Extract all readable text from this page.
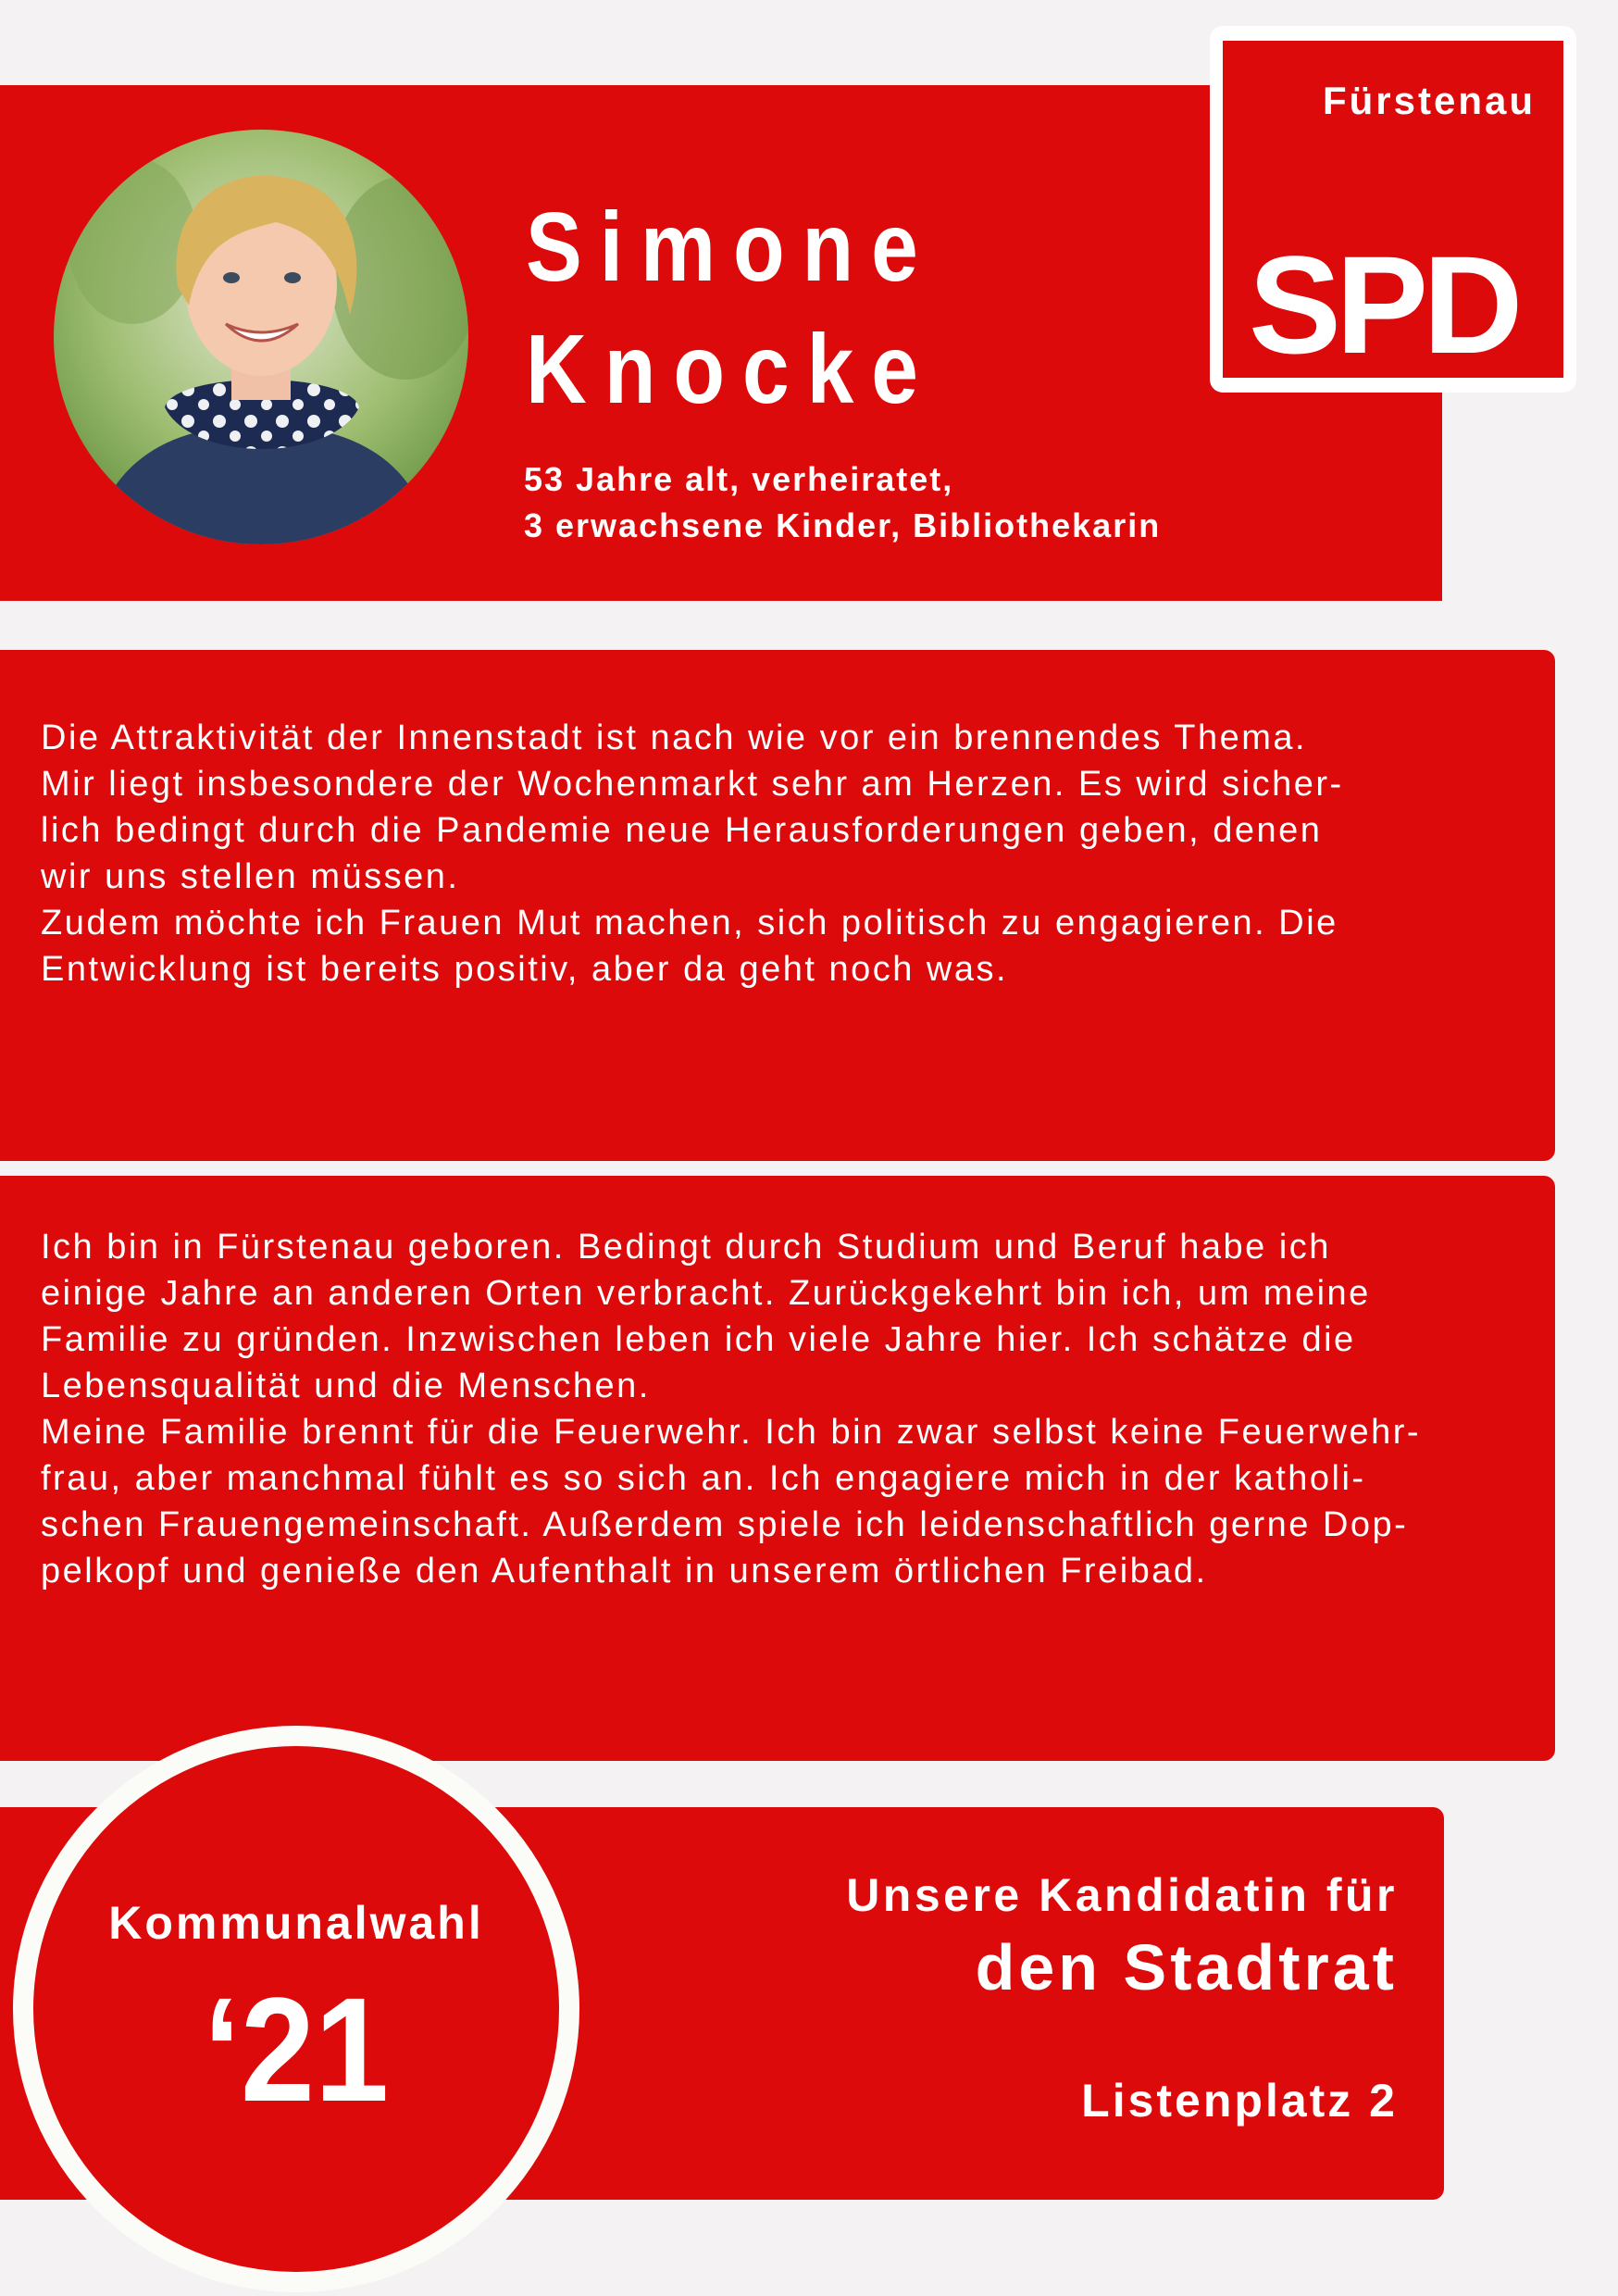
Simone
Knocke
53 Jahre alt, verheiratet,
3 erwachsene Kinder, Bibliothekarin
Fürstenau
SPD

Die Attraktivität der Innenstadt ist nach wie vor ein brennendes Thema.
Mir liegt insbesondere der Wochenmarkt sehr am Herzen. Es wird sicher-
lich bedingt durch die Pandemie neue Herausforderungen geben, denen
wir uns stellen müssen.
Zudem möchte ich Frauen Mut machen, sich politisch zu engagieren. Die
Entwicklung ist bereits positiv, aber da geht noch was.

Ich bin in Fürstenau geboren. Bedingt durch Studium und Beruf habe ich
einige Jahre an anderen Orten verbracht. Zurückgekehrt bin ich, um meine
Familie zu gründen. Inzwischen leben ich viele Jahre hier. Ich schätze die
Lebensqualität und die Menschen.
Meine Familie brennt für die Feuerwehr. Ich bin zwar selbst keine Feuerwehr-
frau, aber manchmal fühlt es so sich an. Ich engagiere mich in der katholi-
schen Frauengemeinschaft. Außerdem spiele ich leidenschaftlich gerne Dop-
pelkopf und genieße den Aufenthalt in unserem örtlichen Freibad.

Kommunalwahl
‘21
Unsere Kandidatin für
den Stadtrat
Listenplatz 2
